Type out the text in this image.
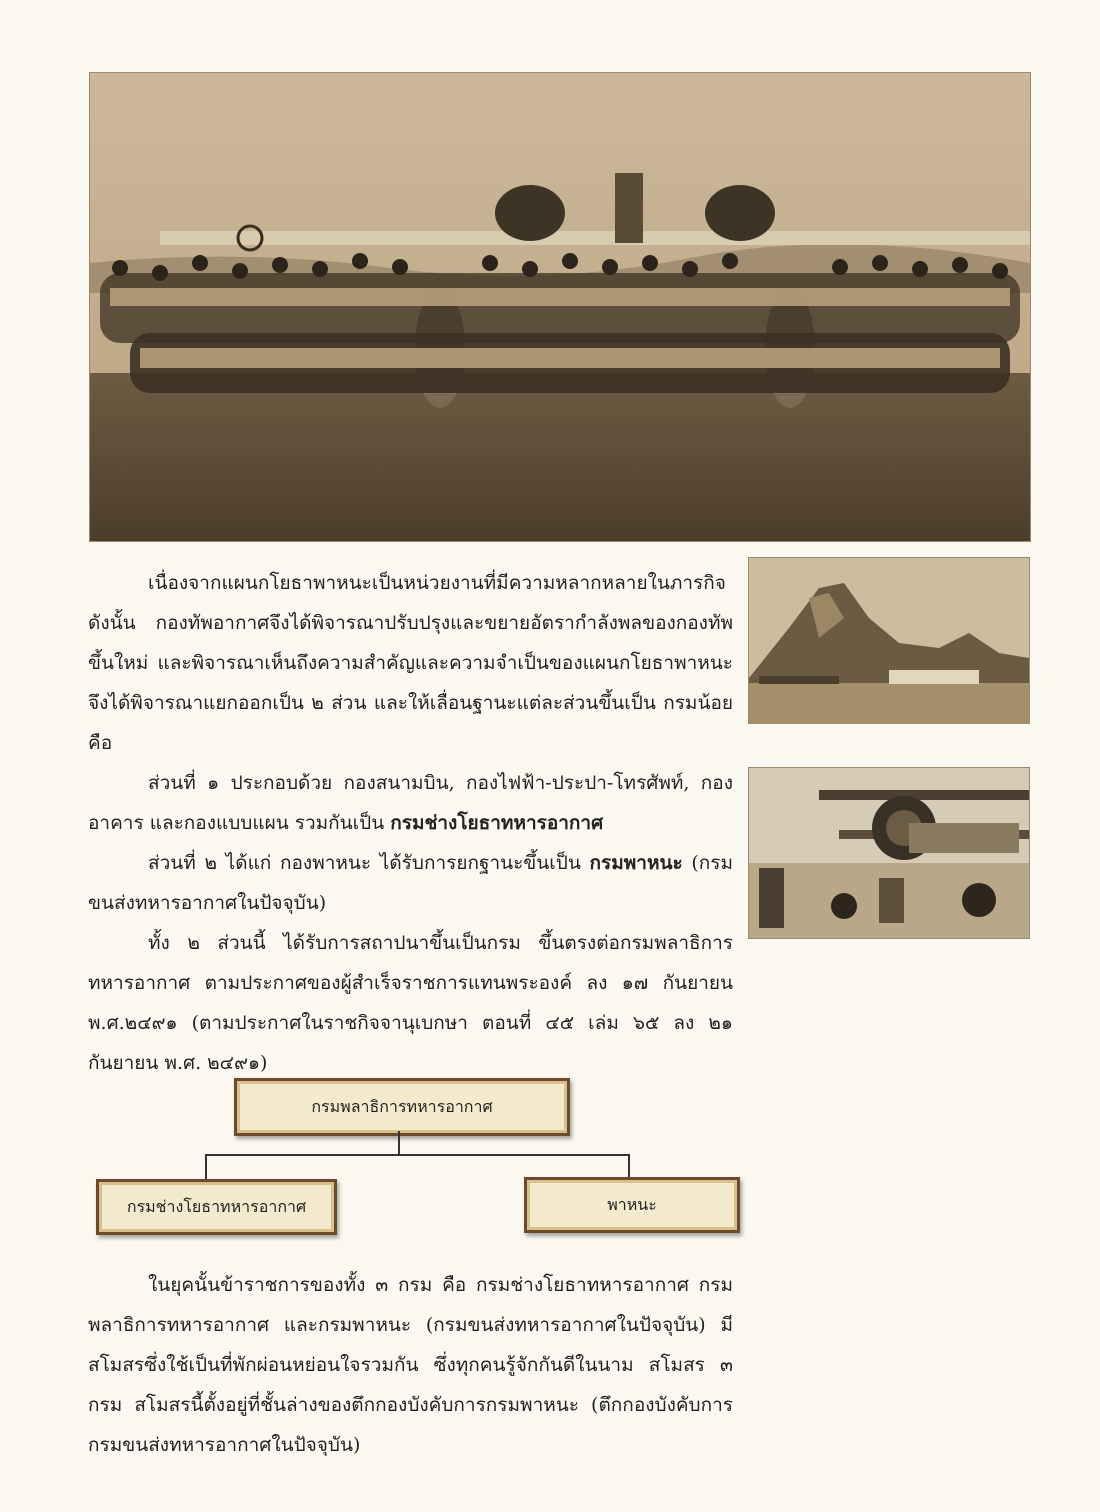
เนื่องจากแผนกโยธาพาหนะเป็นหน่วยงานที่มีความหลากหลายในภารกิจ ดังนั้น กองทัพอากาศจึงได้พิจารณาปรับปรุงและขยายอัตรากำลังพลของกองทัพขึ้นใหม่ และพิจารณาเห็นถึงความสำคัญและความจำเป็นของแผนกโยธาพาหนะ จึงได้พิจารณาแยกออกเป็น ๒ ส่วน และให้เลื่อนฐานะแต่ละส่วนขึ้นเป็น กรมน้อยคือ

ส่วนที่ ๑ ประกอบด้วย กองสนามบิน, กองไฟฟ้า-ประปา-โทรศัพท์, กองอาคาร และกองแบบแผน รวมกันเป็น กรมช่างโยธาทหารอากาศ

ส่วนที่ ๒ ได้แก่ กองพาหนะ ได้รับการยกฐานะขึ้นเป็น กรมพาหนะ (กรมขนส่งทหารอากาศในปัจจุบัน)

ทั้ง ๒ ส่วนนี้ ได้รับการสถาปนาขึ้นเป็นกรม ขึ้นตรงต่อกรมพลาธิการทหารอากาศ ตามประกาศของผู้สำเร็จราชการแทนพระองค์ ลง ๑๗ กันยายน พ.ศ.๒๔๙๑ (ตามประกาศในราชกิจจานุเบกษา ตอนที่ ๔๕ เล่ม ๖๕ ลง ๒๑ กันยายน พ.ศ. ๒๔๙๑)

กรมพลาธิการทหารอากาศ
กรมช่างโยธาทหารอากาศ	พาหนะ

ในยุคนั้นข้าราชการของทั้ง ๓ กรม คือ กรมช่างโยธาทหารอากาศ กรมพลาธิการทหารอากาศ และกรมพาหนะ (กรมขนส่งทหารอากาศในปัจจุบัน) มีสโมสรซึ่งใช้เป็นที่พักผ่อนหย่อนใจรวมกัน ซึ่งทุกคนรู้จักกันดีในนาม สโมสร ๓ กรม สโมสรนี้ตั้งอยู่ที่ชั้นล่างของตึกกองบังคับการกรมพาหนะ (ตึกกองบังคับการกรมขนส่งทหารอากาศในปัจจุบัน)
